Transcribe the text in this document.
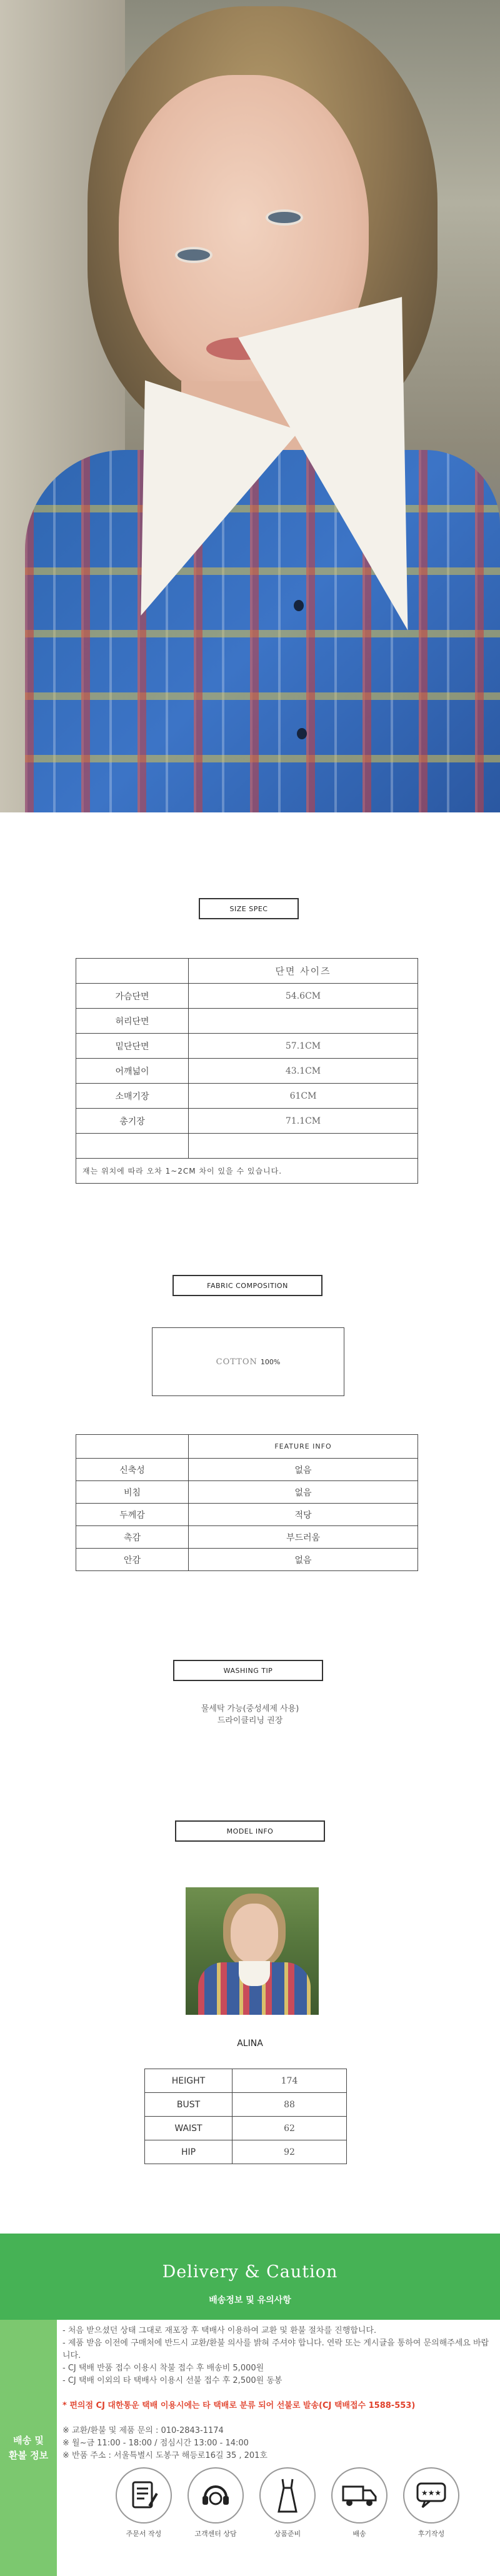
SIZE SPEC
	단면 사이즈
가슴단면	54.6CM
허리단면	
밑단단면	57.1CM
어깨넓이	43.1CM
소매기장	61CM
총기장	71.1CM

재는 위치에 따라 오차 1~2CM 차이 있을 수 있습니다.	
FABRIC COMPOSITION
COTTON 100%
	FEATURE INFO
신축성	없음
비침	없음
두께감	적당
촉감	부드러움
안감	없음
WASHING TIP
물세탁 가능(중성세제 사용)
드라이클리닝 권장
MODEL INFO
ALINA
HEIGHT	174
BUST	88
WAIST	62
HIP	92
Delivery & Caution
배송정보 및 유의사항
배송 및
환불 정보
- 처음 받으셨던 상태 그대로 재포장 후 택배사 이용하여 교환 및 환불 절차를 진행합니다.
- 제품 받음 이전에 구매처에 반드시 교환/환불 의사를 밝혀 주셔야 합니다. 연락 또는 게시글을 통하여 문의해주세요 바랍니다.
- CJ 택배 반품 접수 이용시 착불 접수 후 배송비 5,000원
- CJ 택배 이외의 타 택배사 이용시 선불 접수 후 2,500원 동봉
* 편의점 CJ 대한통운 택배 이용시에는 타 택배로 분류 되어 선불로 발송(CJ 택배접수 1588-553)
※ 교환/환불 및 제품 문의 : 010-2843-1174
※ 월~금 11:00 - 18:00 / 점심시간 13:00 - 14:00
※ 반품 주소 : 서울특별시 도봉구 해등로16길 35 , 201호
주문서 작성	고객센터 상담	상품준비	배송
★★★
후기작성
